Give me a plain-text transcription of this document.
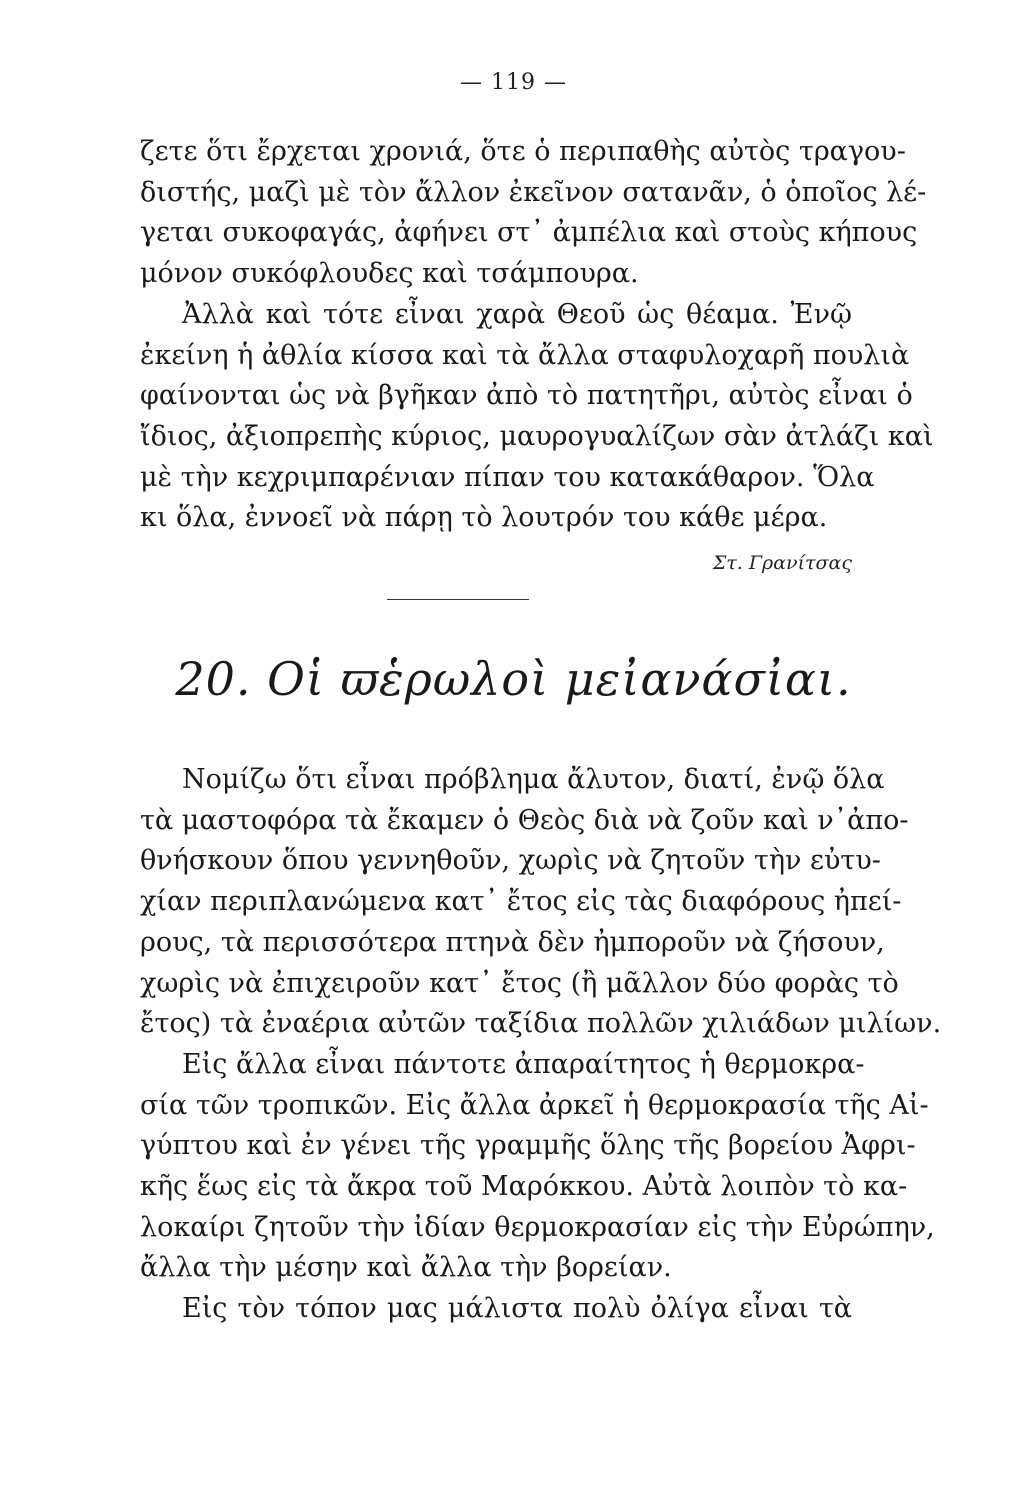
— 119 —
ζετε ὅτι ἔρχεται χρονιά, ὅτε ὁ περιπαθὴς αὐτὸς τραγου-
διστής, μαζὶ μὲ τὸν ἄλλον ἐκεῖνον σατανᾶν, ὁ ὁποῖος λέ-
γεται συκοφαγάς, ἀφήνει στ᾿ ἀμπέλια καὶ στοὺς κήπους
μόνον συκόφλουδες καὶ τσάμπουρα.
Ἀλλὰ καὶ τότε εἶναι χαρὰ Θεοῦ ὡς θέαμα. Ἐνῷ
ἐκείνη ἡ ἀθλία κίσσα καὶ τὰ ἄλλα σταφυλοχαρῆ πουλιὰ
φαίνονται ὡς νὰ βγῆκαν ἀπὸ τὸ πατητῆρι, αὐτὸς εἶναι ὁ
ἴδιος, ἀξιοπρεπὴς κύριος, μαυρογυαλίζων σὰν ἀτλάζι καὶ
μὲ τὴν κεχριμπαρένιαν πίπαν του κατακάθαρον. Ὅλα
κι ὅλα, ἐννοεῖ νὰ πάρῃ τὸ λουτρόν του κάθε μέρα.
Στ. Γρανίτσας
20. Οἱ ϖἑρωλοὶ μεἰανάσἰαι.
Νομίζω ὅτι εἶναι πρόβλημα ἄλυτον, διατί, ἐνῷ ὅλα
τὰ μαστοφόρα τὰ ἔκαμεν ὁ Θεὸς διὰ νὰ ζοῦν καὶ ν᾿ἀπο-
θνήσκουν ὅπου γεννηθοῦν, χωρὶς νὰ ζητοῦν τὴν εὐτυ-
χίαν περιπλανώμενα κατ᾿ ἔτος εἰς τὰς διαφόρους ἠπεί-
ρους, τὰ περισσότερα πτηνὰ δὲν ἠμποροῦν νὰ ζήσουν,
χωρὶς νὰ ἐπιχειροῦν κατ᾿ ἔτος (ἢ μᾶλλον δύο φορὰς τὸ
ἔτος) τὰ ἐναέρια αὐτῶν ταξίδια πολλῶν χιλιάδων μιλίων.
Εἰς ἄλλα εἶναι πάντοτε ἀπαραίτητος ἡ θερμοκρα-
σία τῶν τροπικῶν. Εἰς ἄλλα ἀρκεῖ ἡ θερμοκρασία τῆς Αἰ-
γύπτου καὶ ἐν γένει τῆς γραμμῆς ὅλης τῆς βορείου Ἀφρι-
κῆς ἕως εἰς τὰ ἄκρα τοῦ Μαρόκκου. Αὐτὰ λοιπὸν τὸ κα-
λοκαίρι ζητοῦν τὴν ἰδίαν θερμοκρασίαν εἰς τὴν Εὐρώπην,
ἄλλα τὴν μέσην καὶ ἄλλα τὴν βορείαν.
Εἰς τὸν τόπον μας μάλιστα πολὺ ὀλίγα εἶναι τὰ
